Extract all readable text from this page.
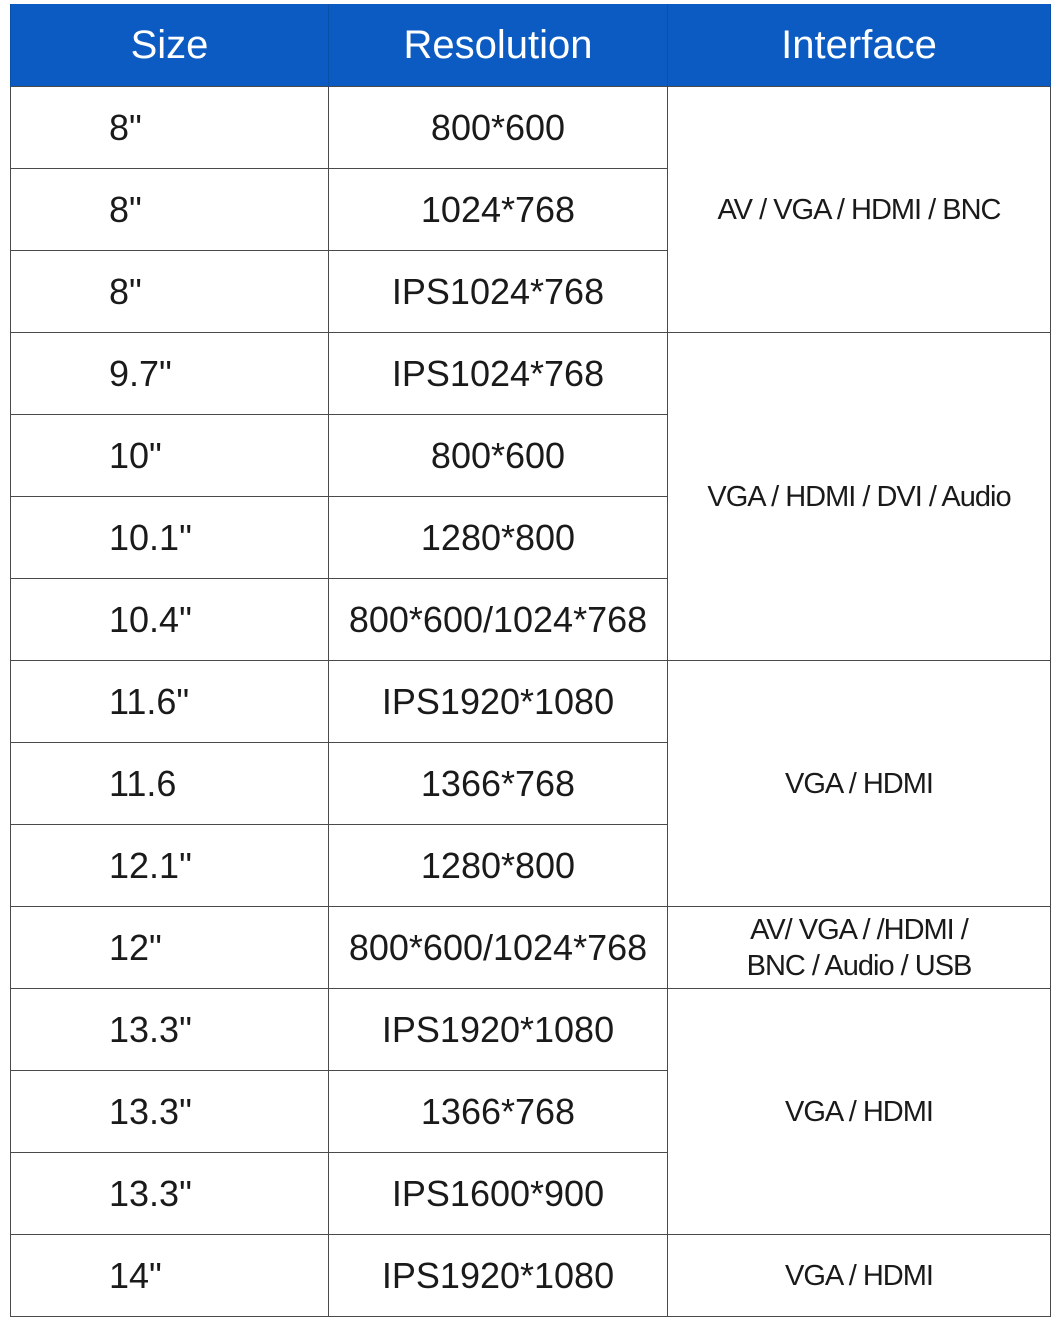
Size	Resolution	Interface
8"	800*600	AV / VGA / HDMI / BNC
8"	1024*768	
8"	IPS1024*768	
9.7"	IPS1024*768	VGA / HDMI / DVI / Audio
10"	800*600	
10.1"	1280*800	
10.4"	800*600/1024*768	
11.6"	IPS1920*1080	VGA / HDMI
11.6	1366*768	
12.1"	1280*800	
12"	800*600/1024*768	AV/ VGA / /HDMI /
BNC / Audio / USB

13.3"	IPS1920*1080	VGA / HDMI
13.3"	1366*768	
13.3"	IPS1600*900	
14"	IPS1920*1080	VGA / HDMI
